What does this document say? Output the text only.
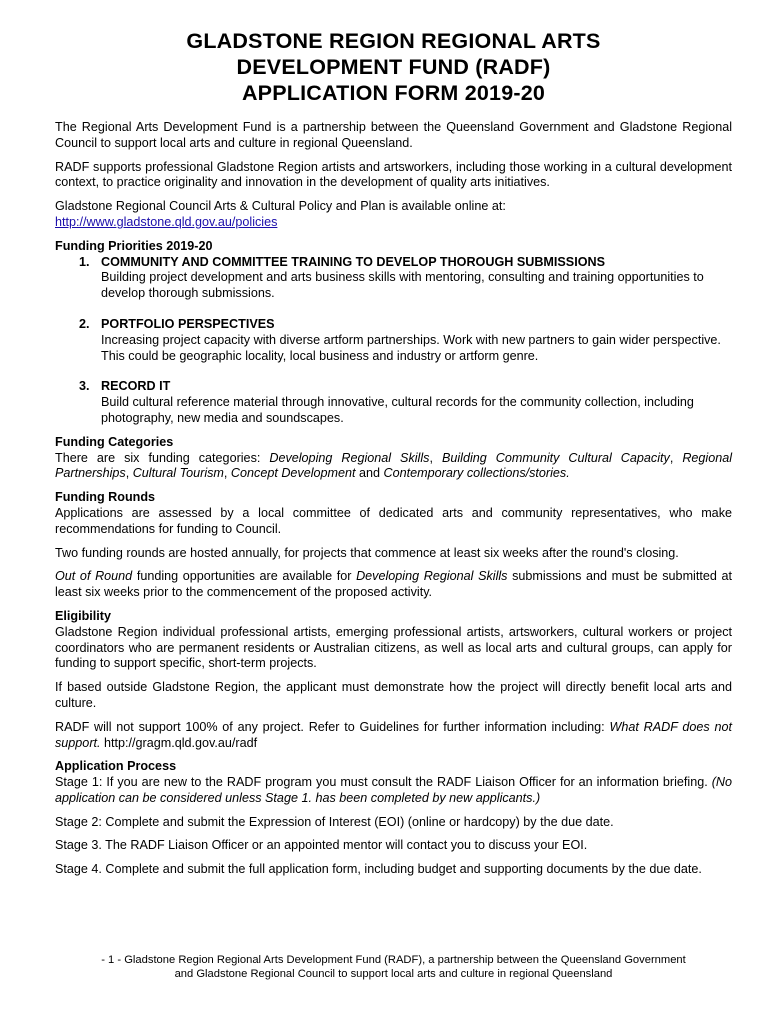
GLADSTONE REGION REGIONAL ARTS
DEVELOPMENT FUND (RADF)
APPLICATION FORM 2019-20

The Regional Arts Development Fund is a partnership between the Queensland Government and Gladstone Regional Council to support local arts and culture in regional Queensland.

RADF supports professional Gladstone Region artists and artsworkers, including those working in a cultural development context, to practice originality and innovation in the development of quality arts initiatives.

Gladstone Regional Council Arts & Cultural Policy and Plan is available online at:
http://www.gladstone.qld.gov.au/policies

Funding Priorities 2019-20
1. COMMUNITY AND COMMITTEE TRAINING TO DEVELOP THOROUGH SUBMISSIONS
Building project development and arts business skills with mentoring, consulting and training opportunities to develop thorough submissions.
2. PORTFOLIO PERSPECTIVES
Increasing project capacity with diverse artform partnerships. Work with new partners to gain wider perspective. This could be geographic locality, local business and industry or artform genre.
3. RECORD IT
Build cultural reference material through innovative, cultural records for the community collection, including photography, new media and soundscapes.
Funding Categories

There are six funding categories: Developing Regional Skills, Building Community Cultural Capacity, Regional Partnerships, Cultural Tourism, Concept Development and Contemporary collections/stories.

Funding Rounds

Applications are assessed by a local committee of dedicated arts and community representatives, who make recommendations for funding to Council.

Two funding rounds are hosted annually, for projects that commence at least six weeks after the round's closing.

Out of Round funding opportunities are available for Developing Regional Skills submissions and must be submitted at least six weeks prior to the commencement of the proposed activity.

Eligibility

Gladstone Region individual professional artists, emerging professional artists, artsworkers, cultural workers or project coordinators who are permanent residents or Australian citizens, as well as local arts and cultural groups, can apply for funding to support specific, short-term projects.

If based outside Gladstone Region, the applicant must demonstrate how the project will directly benefit local arts and culture.

RADF will not support 100% of any project. Refer to Guidelines for further information including: What RADF does not support. http://gragm.qld.gov.au/radf

Application Process

Stage 1: If you are new to the RADF program you must consult the RADF Liaison Officer for an information briefing. (No application can be considered unless Stage 1. has been completed by new applicants.)

Stage 2: Complete and submit the Expression of Interest (EOI) (online or hardcopy) by the due date.

Stage 3. The RADF Liaison Officer or an appointed mentor will contact you to discuss your EOI.

Stage 4. Complete and submit the full application form, including budget and supporting documents by the due date.

- 1 - Gladstone Region Regional Arts Development Fund (RADF), a partnership between the Queensland Government
and Gladstone Regional Council to support local arts and culture in regional Queensland
